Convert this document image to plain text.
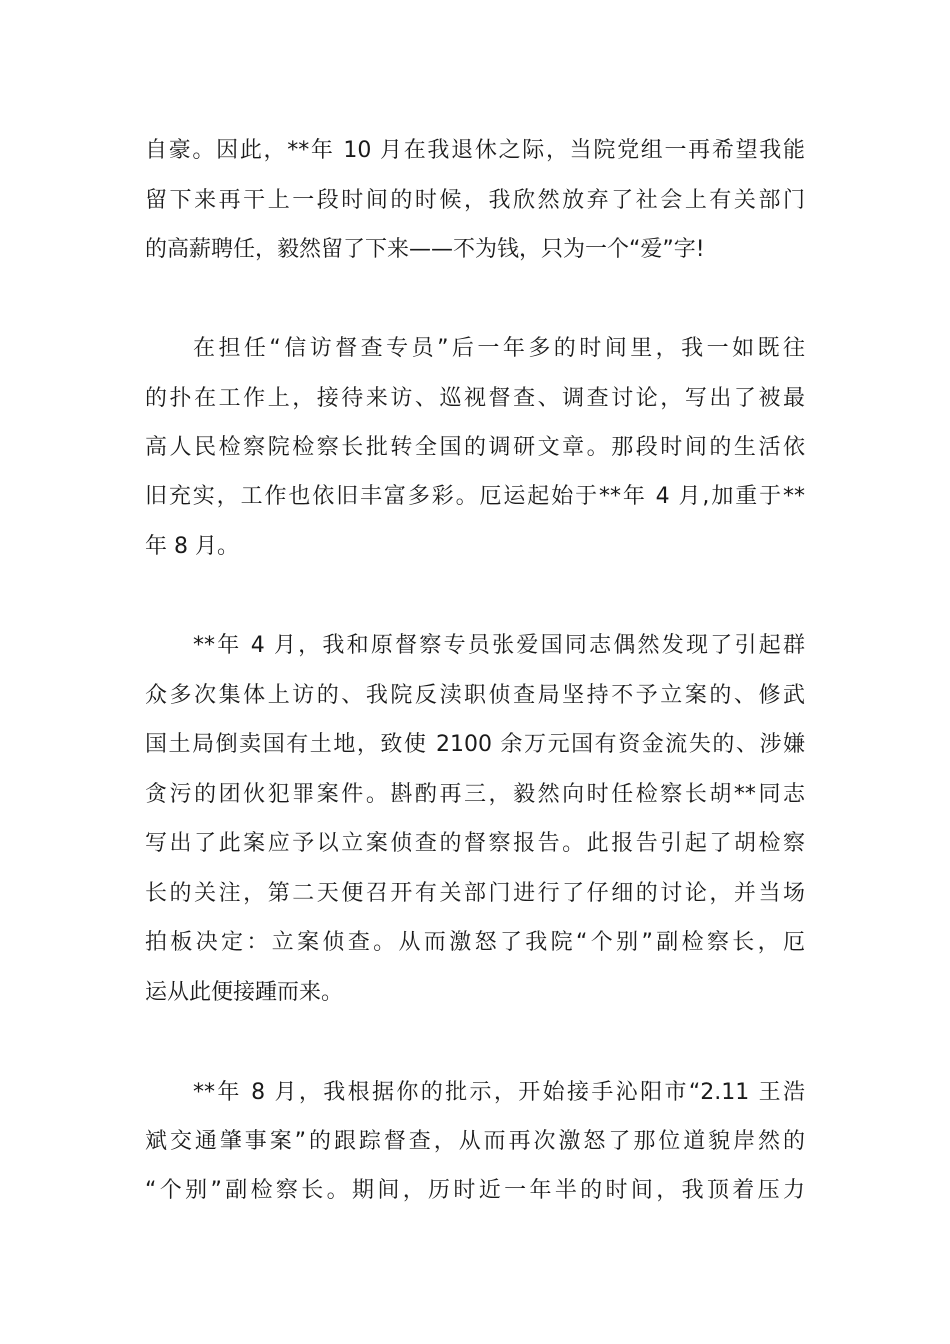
自豪。因此，**年 10 月在我退休之际，当院党组一再希望我能
留下来再干上一段时间的时候，我欣然放弃了社会上有关部门
的高薪聘任，毅然留了下来——不为钱，只为一个“爱”字!
在担任“信访督查专员”后一年多的时间里，我一如既往
的扑在工作上，接待来访、巡视督查、调查讨论，写出了被最
高人民检察院检察长批转全国的调研文章。那段时间的生活依
旧充实，工作也依旧丰富多彩。厄运起始于**年 4 月,加重于**
年 8 月。
**年 4 月，我和原督察专员张爱国同志偶然发现了引起群
众多次集体上访的、我院反渎职侦查局坚持不予立案的、修武
国土局倒卖国有土地，致使 2100 余万元国有资金流失的、涉嫌
贪污的团伙犯罪案件。斟酌再三，毅然向时任检察长胡**同志
写出了此案应予以立案侦查的督察报告。此报告引起了胡检察
长的关注，第二天便召开有关部门进行了仔细的讨论，并当场
拍板决定：立案侦查。从而激怒了我院“个别”副检察长，厄
运从此便接踵而来。
**年 8 月，我根据你的批示，开始接手沁阳市“2.11 王浩
斌交通肇事案”的跟踪督查，从而再次激怒了那位道貌岸然的
“个别”副检察长。期间，历时近一年半的时间，我顶着压力
